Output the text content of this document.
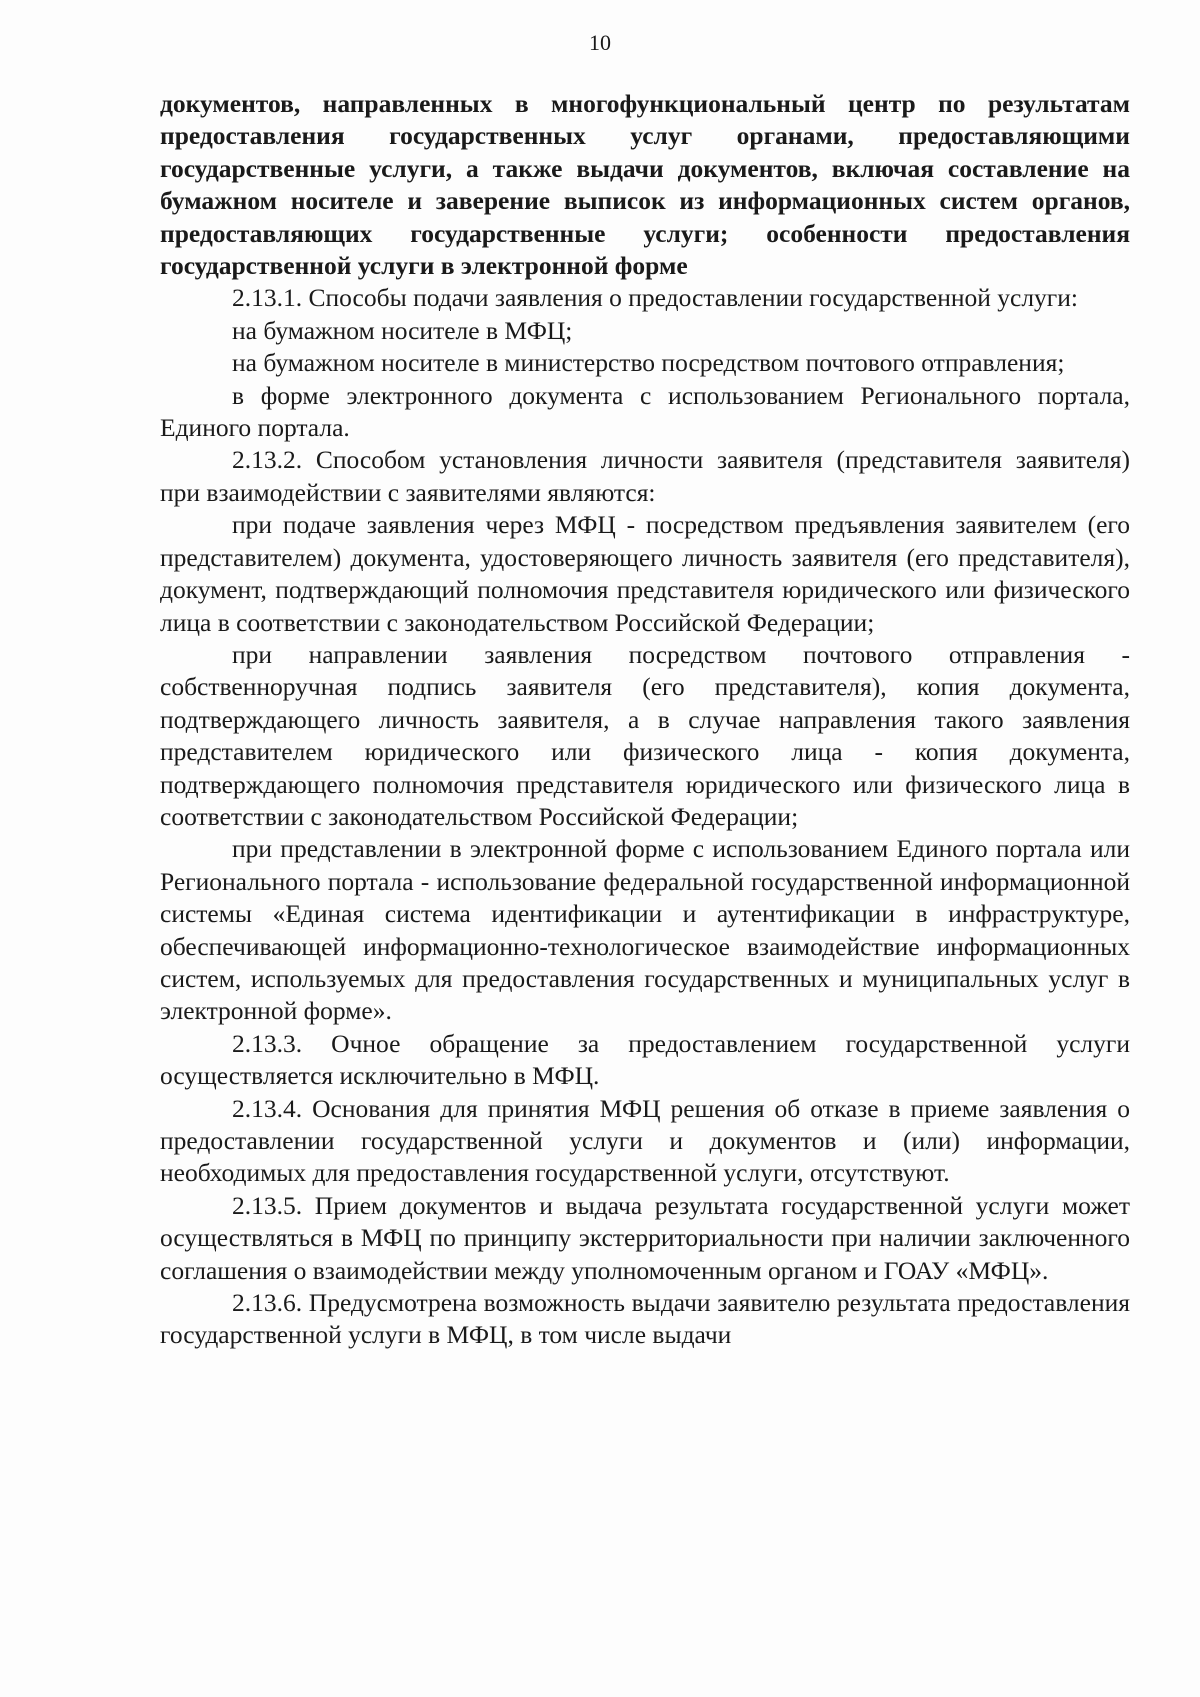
10

документов, направленных в многофункциональный центр по результатам предоставления государственных услуг органами, предоставляющими государственные услуги, а также выдачи документов, включая составление на бумажном носителе и заверение выписок из информационных систем органов, предоставляющих государственные услуги; особенности предоставления государственной услуги в электронной форме

2.13.1. Способы подачи заявления о предоставлении государственной услуги:

на бумажном носителе в МФЦ;

на бумажном носителе в министерство посредством почтового отправления;

в форме электронного документа с использованием Регионального портала, Единого портала.

2.13.2. Способом установления личности заявителя (представителя заявителя) при взаимодействии с заявителями являются:

при подаче заявления через МФЦ - посредством предъявления заявителем (его представителем) документа, удостоверяющего личность заявителя (его представителя), документ, подтверждающий полномочия представителя юридического или физического лица в соответствии с законодательством Российской Федерации;

при направлении заявления посредством почтового отправления - собственноручная подпись заявителя (его представителя), копия документа, подтверждающего личность заявителя, а в случае направления такого заявления представителем юридического или физического лица - копия документа, подтверждающего полномочия представителя юридического или физического лица в соответствии с законодательством Российской Федерации;

при представлении в электронной форме с использованием Единого портала или Регионального портала - использование федеральной государственной информационной системы «Единая система идентификации и аутентификации в инфраструктуре, обеспечивающей информационно-технологическое взаимодействие информационных систем, используемых для предоставления государственных и муниципальных услуг в электронной форме».

2.13.3. Очное обращение за предоставлением государственной услуги осуществляется исключительно в МФЦ.

2.13.4. Основания для принятия МФЦ решения об отказе в приеме заявления о предоставлении государственной услуги и документов и (или) информации, необходимых для предоставления государственной услуги, отсутствуют.

2.13.5. Прием документов и выдача результата государственной услуги может осуществляться в МФЦ по принципу экстерриториальности при наличии заключенного соглашения о взаимодействии между уполномоченным органом и ГОАУ «МФЦ».

2.13.6. Предусмотрена возможность выдачи заявителю результата предоставления государственной услуги в МФЦ, в том числе выдачи
